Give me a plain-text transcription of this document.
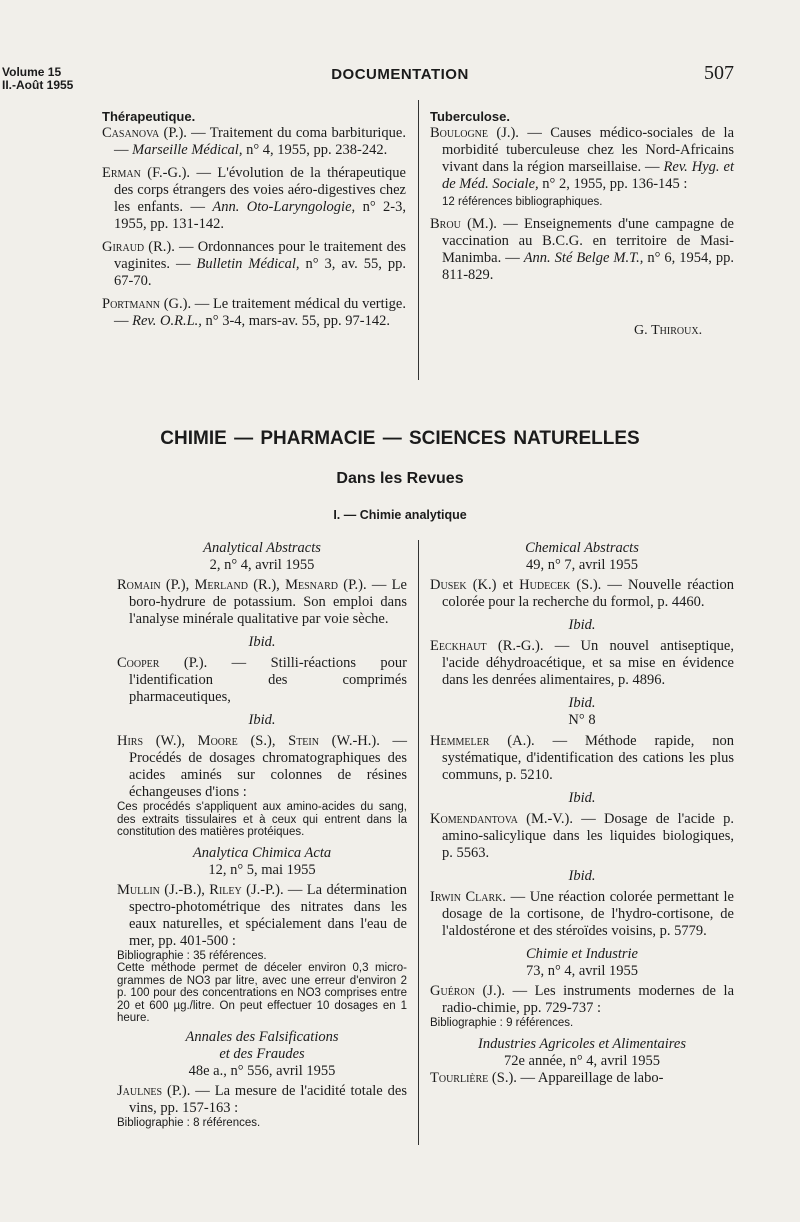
Volume 15
II.-Août 1955
DOCUMENTATION	507

Thérapeutique.

Casanova (P.). — Traitement du coma barbiturique. — Marseille Médical, n° 4, 1955, pp. 238-242.

Erman (F.-G.). — L'évolution de la thérapeutique des corps étrangers des voies aéro-digestives chez les enfants. — Ann. Oto-Laryngologie, n° 2-3, 1955, pp. 131-142.

Giraud (R.). — Ordonnances pour le traitement des vaginites. — Bulletin Médical, n° 3, av. 55, pp. 67-70.

Portmann (G.). — Le traitement médical du vertige. — Rev. O.R.L., n° 3-4, mars-av. 55, pp. 97-142.

Tuberculose.

Boulogne (J.). — Causes médico-sociales de la morbidité tuberculeuse chez les Nord-Africains vivant dans la région marseillaise. — Rev. Hyg. et de Méd. Sociale, n° 2, 1955, pp. 136-145 :
12 références bibliographiques.

Brou (M.). — Enseignements d'une campagne de vaccination au B.C.G. en territoire de Masi-Manimba. — Ann. Sté Belge M.T., n° 6, 1954, pp. 811-829.

G. Thiroux.
CHIMIE — PHARMACIE — SCIENCES NATURELLES
Dans les Revues
I. — Chimie analytique

Analytical Abstracts

2, n° 4, avril 1955

Romain (P.), Merland (R.), Mesnard (P.). — Le boro-hydrure de potassium. Son emploi dans l'analyse minérale qualitative par voie sèche.

Ibid.

Cooper (P.). — Stilli-réactions pour l'identification des comprimés pharmaceutiques,

Ibid.

Hirs (W.), Moore (S.), Stein (W.-H.). — Procédés de dosages chromatographiques des acides aminés sur colonnes de résines échangeuses d'ions :

Ces procédés s'appliquent aux amino-acides du sang, des extraits tissulaires et à ceux qui entrent dans la constitution des matières protéiques.

Analytica Chimica Acta

12, n° 5, mai 1955

Mullin (J.-B.), Riley (J.-P.). — La détermination spectro-photométrique des nitrates dans les eaux naturelles, et spécialement dans l'eau de mer, pp. 401-500 :

Bibliographie : 35 références.

Cette méthode permet de déceler environ 0,3 micro-grammes de NO3 par litre, avec une erreur d'environ 2 p. 100 pour des concentrations en NO3 comprises entre 20 et 600 µg./litre. On peut effectuer 10 dosages en 1 heure.

Annales des Falsifications

et des Fraudes

48e a., n° 556, avril 1955

Jaulnes (P.). — La mesure de l'acidité totale des vins, pp. 157-163 :

Bibliographie : 8 références.

Chemical Abstracts

49, n° 7, avril 1955

Dusek (K.) et Hudecek (S.). — Nouvelle réaction colorée pour la recherche du formol, p. 4460.

Ibid.

Eeckhaut (R.-G.). — Un nouvel antiseptique, l'acide déhydroacétique, et sa mise en évidence dans les denrées alimentaires, p. 4896.

Ibid.

N° 8

Hemmeler (A.). — Méthode rapide, non systématique, d'identification des cations les plus communs, p. 5210.

Ibid.

Komendantova (M.-V.). — Dosage de l'acide p. amino-salicylique dans les liquides biologiques, p. 5563.

Ibid.

Irwin Clark. — Une réaction colorée permettant le dosage de la cortisone, de l'hydro-cortisone, de l'aldostérone et des stéroïdes voisins, p. 5779.

Chimie et Industrie

73, n° 4, avril 1955

Guéron (J.). — Les instruments modernes de la radio-chimie, pp. 729-737 :

Bibliographie : 9 références.

Industries Agricoles et Alimentaires

72e année, n° 4, avril 1955

Tourlière (S.). — Appareillage de labo-
